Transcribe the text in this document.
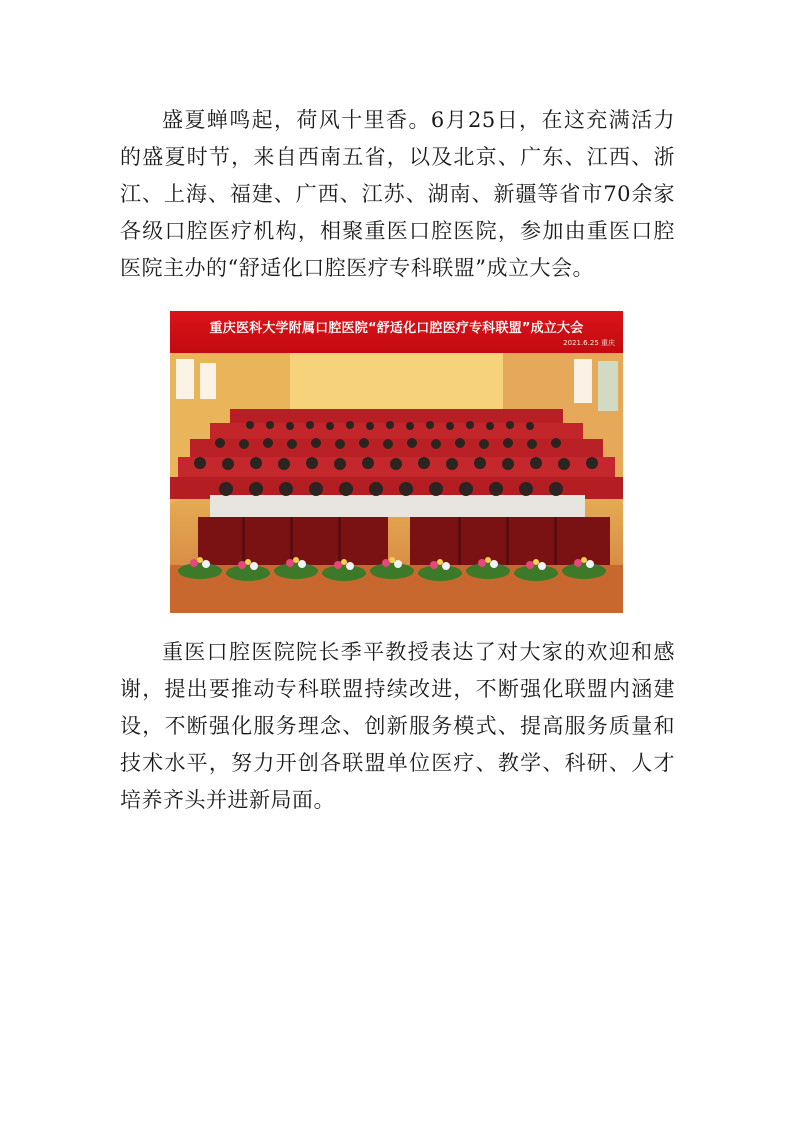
盛夏蝉鸣起，荷风十里香。6月25日，在这充满活力的盛夏时节，来自西南五省，以及北京、广东、江西、浙江、上海、福建、广西、江苏、湖南、新疆等省市70余家各级口腔医疗机构，相聚重医口腔医院，参加由重医口腔医院主办的“舒适化口腔医疗专科联盟”成立大会。

重庆医科大学附属口腔医院“舒适化口腔医疗专科联盟”成立大会
2021.6.25 重庆

重医口腔医院院长季平教授表达了对大家的欢迎和感谢，提出要推动专科联盟持续改进，不断强化联盟内涵建设，不断强化服务理念、创新服务模式、提高服务质量和技术水平，努力开创各联盟单位医疗、教学、科研、人才培养齐头并进新局面。
